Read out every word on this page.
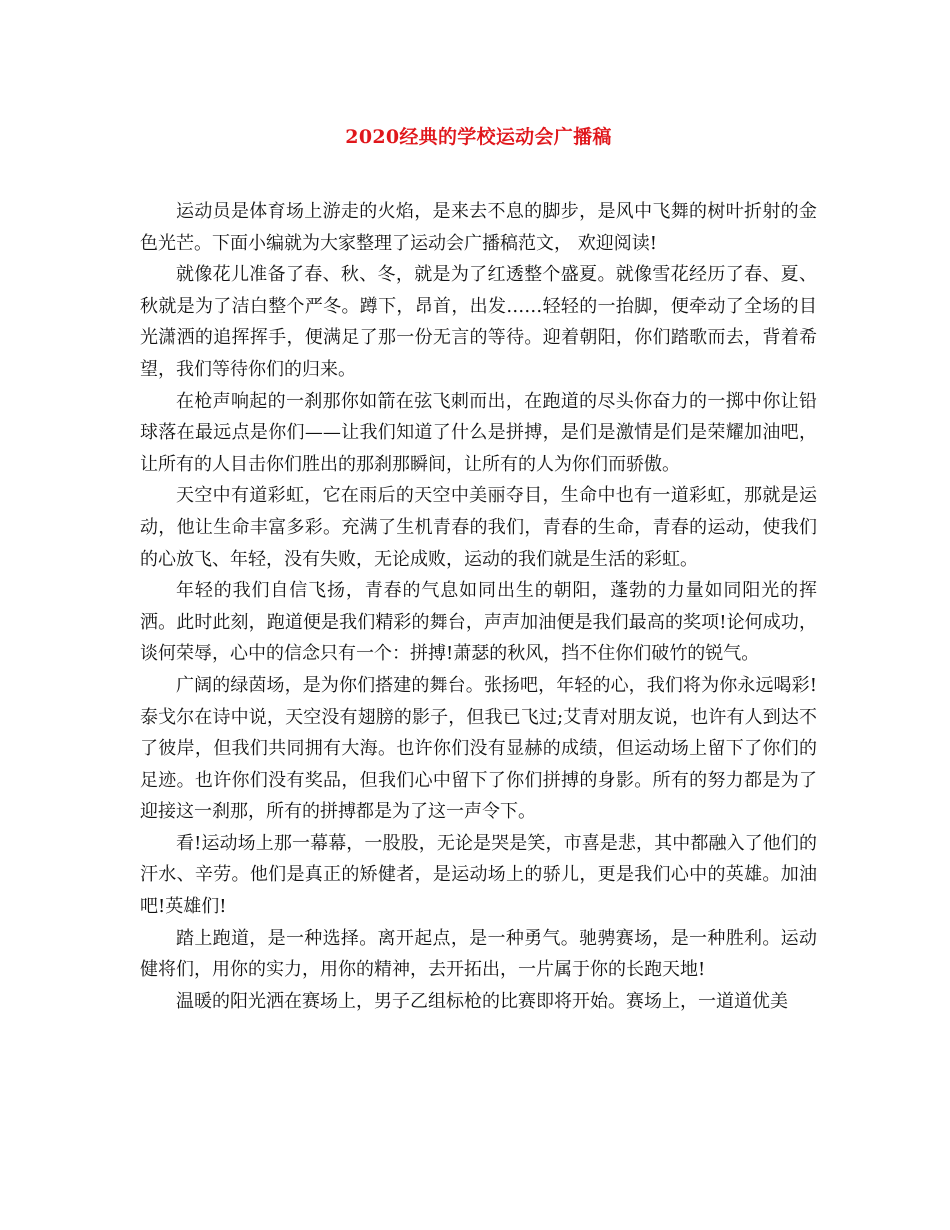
2020经典的学校运动会广播稿

运动员是体育场上游走的火焰，是来去不息的脚步，是风中飞舞的树叶折射的金色光芒。下面小编就为大家整理了运动会广播稿范文， 欢迎阅读!

就像花儿准备了春、秋、冬，就是为了红透整个盛夏。就像雪花经历了春、夏、秋就是为了洁白整个严冬。蹲下，昂首，出发……轻轻的一抬脚，便牵动了全场的目光潇洒的追挥挥手，便满足了那一份无言的等待。迎着朝阳，你们踏歌而去，背着希望，我们等待你们的归来。

在枪声响起的一刹那你如箭在弦飞刺而出，在跑道的尽头你奋力的一掷中你让铅球落在最远点是你们——让我们知道了什么是拼搏，是们是激情是们是荣耀加油吧，让所有的人目击你们胜出的那刹那瞬间，让所有的人为你们而骄傲。

天空中有道彩虹，它在雨后的天空中美丽夺目，生命中也有一道彩虹，那就是运动，他让生命丰富多彩。充满了生机青春的我们，青春的生命，青春的运动，使我们的心放飞、年轻，没有失败，无论成败，运动的我们就是生活的彩虹。

年轻的我们自信飞扬，青春的气息如同出生的朝阳，蓬勃的力量如同阳光的挥洒。此时此刻，跑道便是我们精彩的舞台，声声加油便是我们最高的奖项!论何成功，谈何荣辱，心中的信念只有一个：拼搏!萧瑟的秋风，挡不住你们破竹的锐气。

广阔的绿茵场，是为你们搭建的舞台。张扬吧，年轻的心，我们将为你永远喝彩!泰戈尔在诗中说，天空没有翅膀的影子，但我已飞过;艾青对朋友说，也许有人到达不了彼岸，但我们共同拥有大海。也许你们没有显赫的成绩，但运动场上留下了你们的足迹。也许你们没有奖品，但我们心中留下了你们拼搏的身影。所有的努力都是为了迎接这一刹那，所有的拼搏都是为了这一声令下。

看!运动场上那一幕幕，一股股，无论是哭是笑，市喜是悲，其中都融入了他们的汗水、辛劳。他们是真正的矫健者，是运动场上的骄儿，更是我们心中的英雄。加油吧!英雄们!

踏上跑道，是一种选择。离开起点，是一种勇气。驰骋赛场，是一种胜利。运动健将们，用你的实力，用你的精神，去开拓出，一片属于你的长跑天地!

温暖的阳光洒在赛场上，男子乙组标枪的比赛即将开始。赛场上，一道道优美
